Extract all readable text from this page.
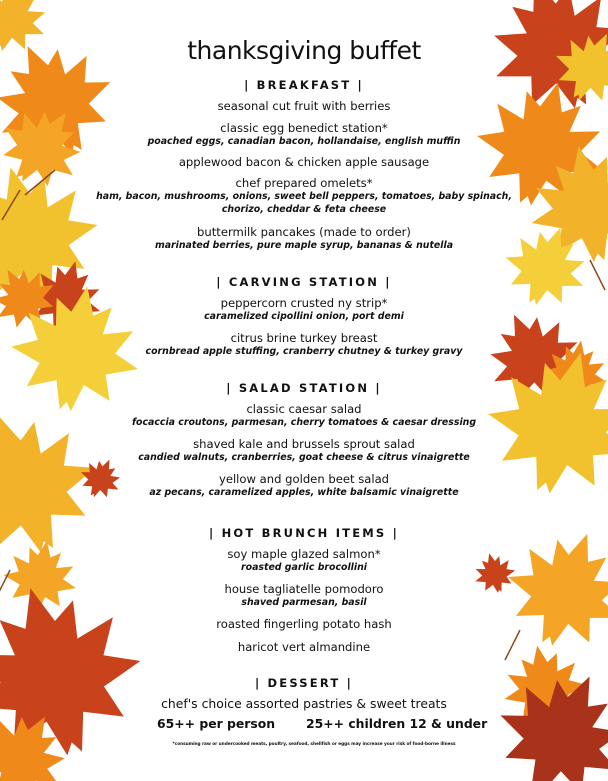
thanksgiving buffet
| BREAKFAST |
seasonal cut fruit with berries
classic egg benedict station*
poached eggs, canadian bacon, hollandaise, english muffin
applewood bacon & chicken apple sausage
chef prepared omelets*
ham, bacon, mushrooms, onions, sweet bell peppers, tomatoes, baby spinach,
chorizo, cheddar & feta cheese
buttermilk pancakes (made to order)
marinated berries, pure maple syrup, bananas & nutella
| CARVING STATION |
peppercorn crusted ny strip*
caramelized cipollini onion, port demi
citrus brine turkey breast
cornbread apple stuffing, cranberry chutney & turkey gravy
| SALAD STATION |
classic caesar salad
focaccia croutons, parmesan, cherry tomatoes & caesar dressing
shaved kale and brussels sprout salad
candied walnuts, cranberries, goat cheese & citrus vinaigrette
yellow and golden beet salad
az pecans, caramelized apples, white balsamic vinaigrette
| HOT BRUNCH ITEMS |
soy maple glazed salmon*
roasted garlic brocollini
house tagliatelle pomodoro
shaved parmesan, basil
roasted fingerling potato hash
haricot vert almandine
| DESSERT |
chef's choice assorted pastries & sweet treats
65++ per person 25++ children 12 & under
*consuming raw or undercooked meats, poultry, seafood, shellfish or eggs may increase your risk of food-borne illness
